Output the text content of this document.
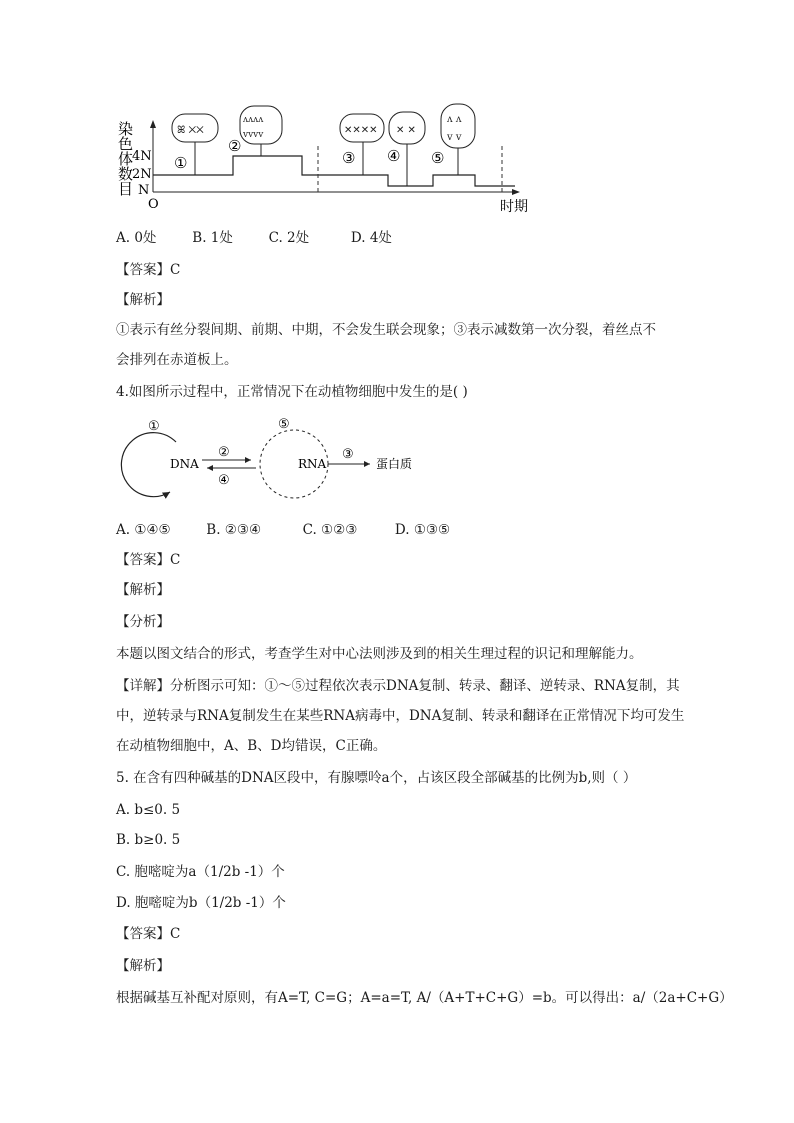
染
色
体
数
目
4N
2N
N
O	时期
①
②
③ ④ ⑤
ꕤ ✕✕
ʌʌʌʌ
vvvv	✕✕✕✕ ✕ ✕
ʌ ʌ
v v
A. 0处	B. 1处	C. 2处	D. 4处
【答案】C
【解析】
①表示有丝分裂间期、前期、中期，不会发生联会现象；③表示减数第一次分裂，着丝点不
会排列在赤道板上。
4.如图所示过程中，正常情况下在动植物细胞中发生的是( )
①
DNA
②
④
⑤
RNA
③
蛋白质
A. ①④⑤	B. ②③④	C. ①②③	D. ①③⑤
【答案】C
【解析】
【分析】
本题以图文结合的形式，考查学生对中心法则涉及到的相关生理过程的识记和理解能力。
【详解】分析图示可知：①～⑤过程依次表示DNA复制、转录、翻译、逆转录、RNA复制，其
中，逆转录与RNA复制发生在某些RNA病毒中，DNA复制、转录和翻译在正常情况下均可发生
在动植物细胞中，A、B、D均错误，C正确。
5. 在含有四种碱基的DNA区段中，有腺嘌呤a个，占该区段全部碱基的比例为b,则（ ）
A. b≤0. 5
B. b≥0. 5
C. 胞嘧啶为a（1/2b -1）个
D. 胞嘧啶为b（1/2b -1）个
【答案】C
【解析】
根据碱基互补配对原则，有A=T, C=G；A=a=T, A/（A+T+C+G）=b。可以得出：a/（2a+C+G）
